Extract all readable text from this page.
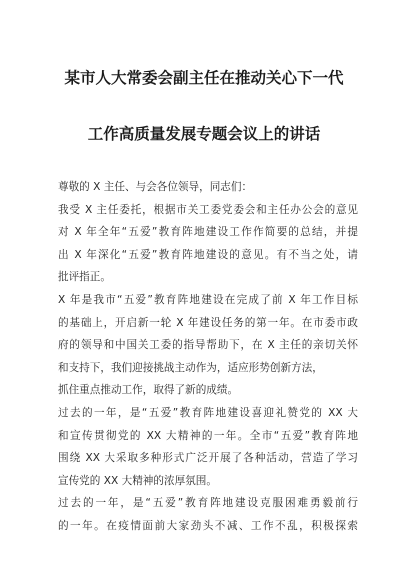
某市人大常委会副主任在推动关心下一代
工作高质量发展专题会议上的讲话
尊敬的 X 主任、与会各位领导，同志们：
我受 X 主任委托，根据市关工委党委会和主任办公会的意见
对 X 年全年“五爱”教育阵地建设工作作简要的总结，并提
出 X 年深化“五爱”教育阵地建设的意见。有不当之处，请
批评指正。
X 年是我市“五爱”教育阵地建设在完成了前 X 年工作目标
的基础上，开启新一轮 X 年建设任务的第一年。在市委市政
府的领导和中国关工委的指导帮助下，在 X 主任的亲切关怀
和支持下，我们迎接挑战主动作为，适应形势创新方法，
抓住重点推动工作，取得了新的成绩。
过去的一年，是“五爱”教育阵地建设喜迎礼赞党的 XX 大
和宣传贯彻党的 XX 大精神的一年。全市“五爱”教育阵地
围绕 XX 大采取多种形式广泛开展了各种活动，营造了学习
宣传党的 XX 大精神的浓厚氛围。
过去的一年，是“五爱”教育阵地建设克服困难勇毅前行
的一年。在疫情面前大家劲头不减、工作不乱，积极探索
